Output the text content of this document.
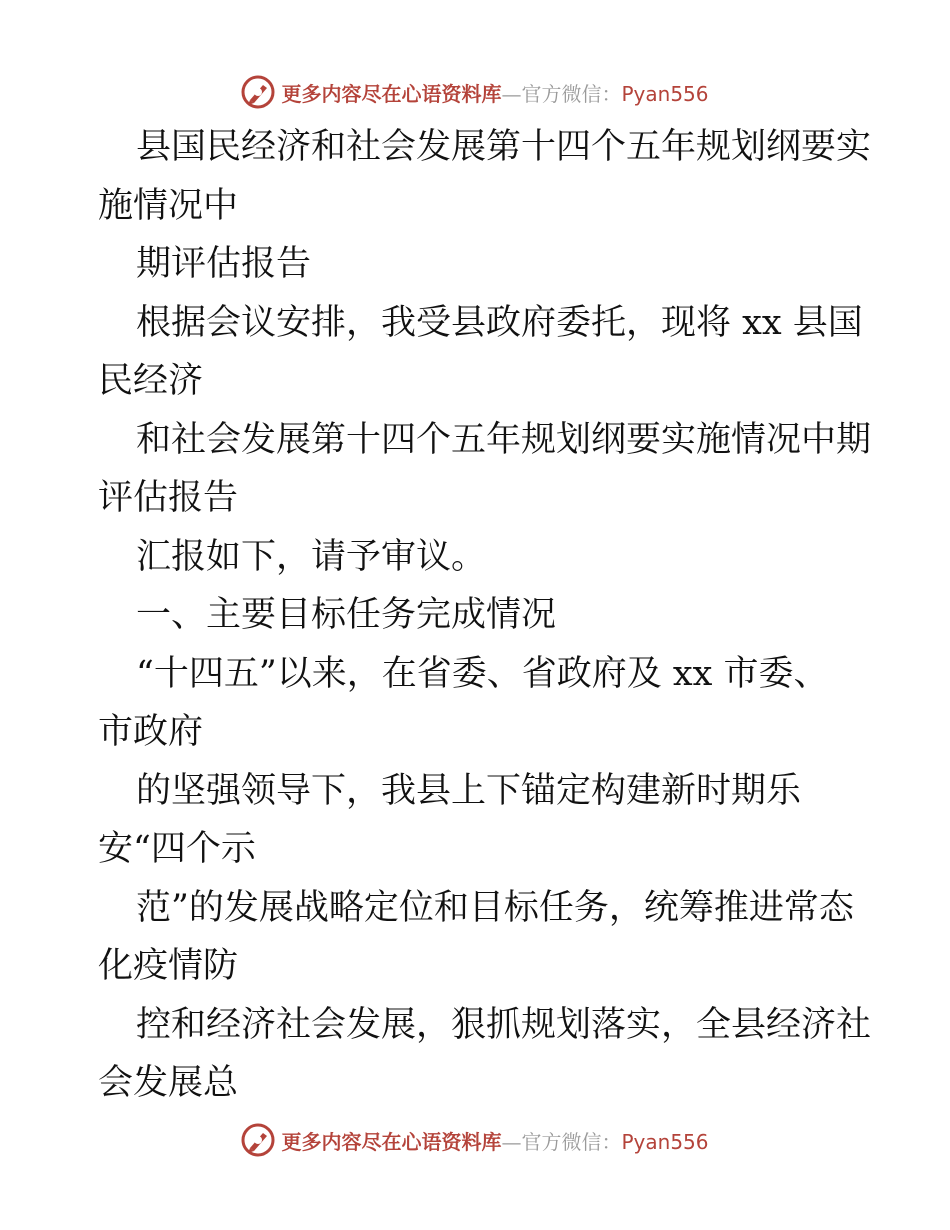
更多内容尽在心语资料库—官方微信：Pyan556
县国民经济和社会发展第十四个五年规划纲要实
施情况中
期评估报告
根据会议安排，我受县政府委托，现将 xx 县国
民经济
和社会发展第十四个五年规划纲要实施情况中期
评估报告
汇报如下，请予审议。
一、主要目标任务完成情况
“十四五”以来，在省委、省政府及 xx 市委、
市政府
的坚强领导下，我县上下锚定构建新时期乐
安“四个示
范”的发展战略定位和目标任务，统筹推进常态
化疫情防
控和经济社会发展，狠抓规划落实，全县经济社
会发展总
更多内容尽在心语资料库—官方微信：Pyan556
